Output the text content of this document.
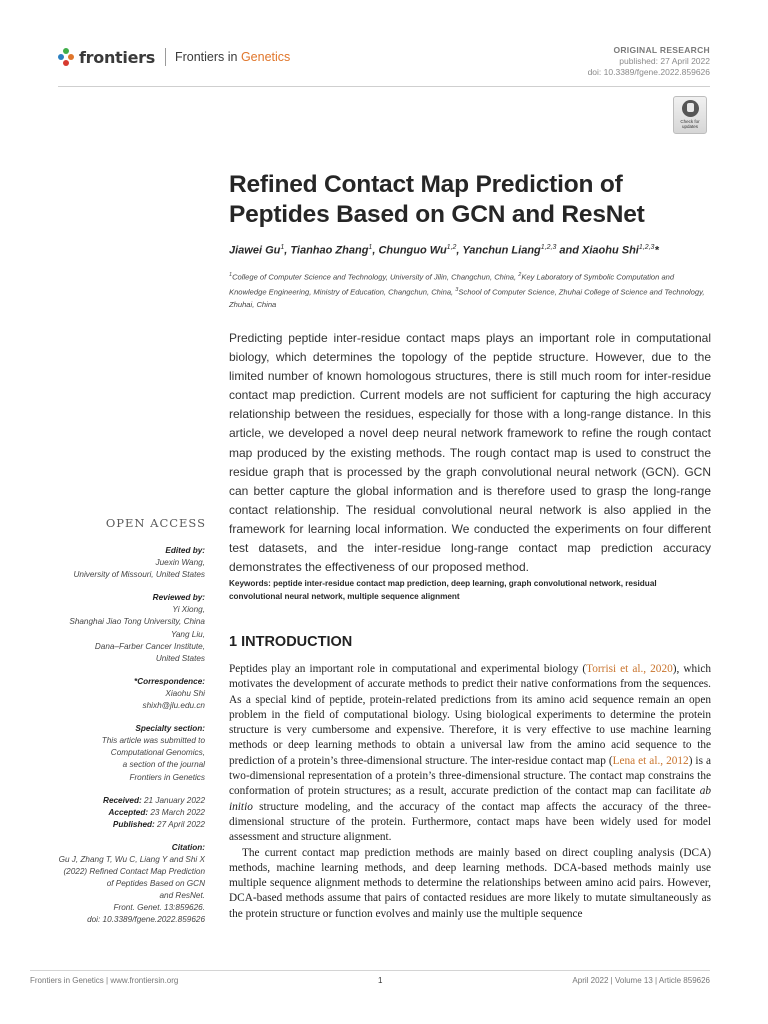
frontiers Frontiers in Genetics	ORIGINAL RESEARCH
published: 27 April 2022
doi: 10.3389/fgene.2022.859626
Check for updates
Refined Contact Map Prediction of Peptides Based on GCN and ResNet
Jiawei Gu$^1$, Tianhao Zhang$^1$, Chunguo Wu$^{1,2}$, Yanchun Liang$^{1,2,3}$ and Xiaohu Shi$^{1,2,3}$*
$^1$College of Computer Science and Technology, University of Jilin, Changchun, China, $^2$Key Laboratory of Symbolic Computation and Knowledge Engineering, Ministry of Education, Changchun, China, $^3$School of Computer Science, Zhuhai College of Science and Technology, Zhuhai, China
Predicting peptide inter-residue contact maps plays an important role in computational biology, which determines the topology of the peptide structure. However, due to the limited number of known homologous structures, there is still much room for inter-residue contact map prediction. Current models are not sufficient for capturing the high accuracy relationship between the residues, especially for those with a long-range distance. In this article, we developed a novel deep neural network framework to refine the rough contact map produced by the existing methods. The rough contact map is used to construct the residue graph that is processed by the graph convolutional neural network (GCN). GCN can better capture the global information and is therefore used to grasp the long-range contact relationship. The residual convolutional neural network is also applied in the framework for learning local information. We conducted the experiments on four different test datasets, and the inter-residue long-range contact map prediction accuracy demonstrates the effectiveness of our proposed method.
Keywords: peptide inter-residue contact map prediction, deep learning, graph convolutional network, residual convolutional neural network, multiple sequence alignment
OPEN ACCESS
Edited by:
Juexin Wang,
University of Missouri, United States
Reviewed by:
Yi Xiong,
Shanghai Jiao Tong University, China
Yang Liu,
Dana–Farber Cancer Institute,
United States
*Correspondence:
Xiaohu Shi
shixh@jlu.edu.cn
Specialty section:
This article was submitted to
Computational Genomics,
a section of the journal
Frontiers in Genetics
Received: 21 January 2022
Accepted: 23 March 2022
Published: 27 April 2022
Citation:
Gu J, Zhang T, Wu C, Liang Y and Shi X
(2022) Refined Contact Map Prediction
of Peptides Based on GCN
and ResNet.
Front. Genet. 13:859626.
doi: 10.3389/fgene.2022.859626
1 INTRODUCTION

Peptides play an important role in computational and experimental biology (Torrisi et al., 2020), which motivates the development of accurate methods to predict their native conformations from the sequences. As a special kind of peptide, protein-related predictions from its amino acid sequence remain an open problem in the field of computational biology. Using biological experiments to determine the protein structure is very cumbersome and expensive. Therefore, it is very effective to use machine learning methods or deep learning methods to obtain a universal law from the amino acid sequence to the prediction of a protein’s three-dimensional structure. The inter-residue contact map (Lena et al., 2012) is a two-dimensional representation of a protein’s three-dimensional structure. The contact map constrains the conformation of protein structures; as a result, accurate prediction of the contact map can facilitate ab initio structure modeling, and the accuracy of the contact map affects the accuracy of the three-dimensional structure of the protein. Furthermore, contact maps have been widely used for model assessment and structure alignment.

The current contact map prediction methods are mainly based on direct coupling analysis (DCA) methods, machine learning methods, and deep learning methods. DCA-based methods mainly use multiple sequence alignment methods to determine the relationships between amino acid pairs. However, DCA-based methods assume that pairs of contacted residues are more likely to mutate simultaneously as the protein structure or function evolves and mainly use the multiple sequence

Frontiers in Genetics | www.frontiersin.org	1	April 2022 | Volume 13 | Article 859626
